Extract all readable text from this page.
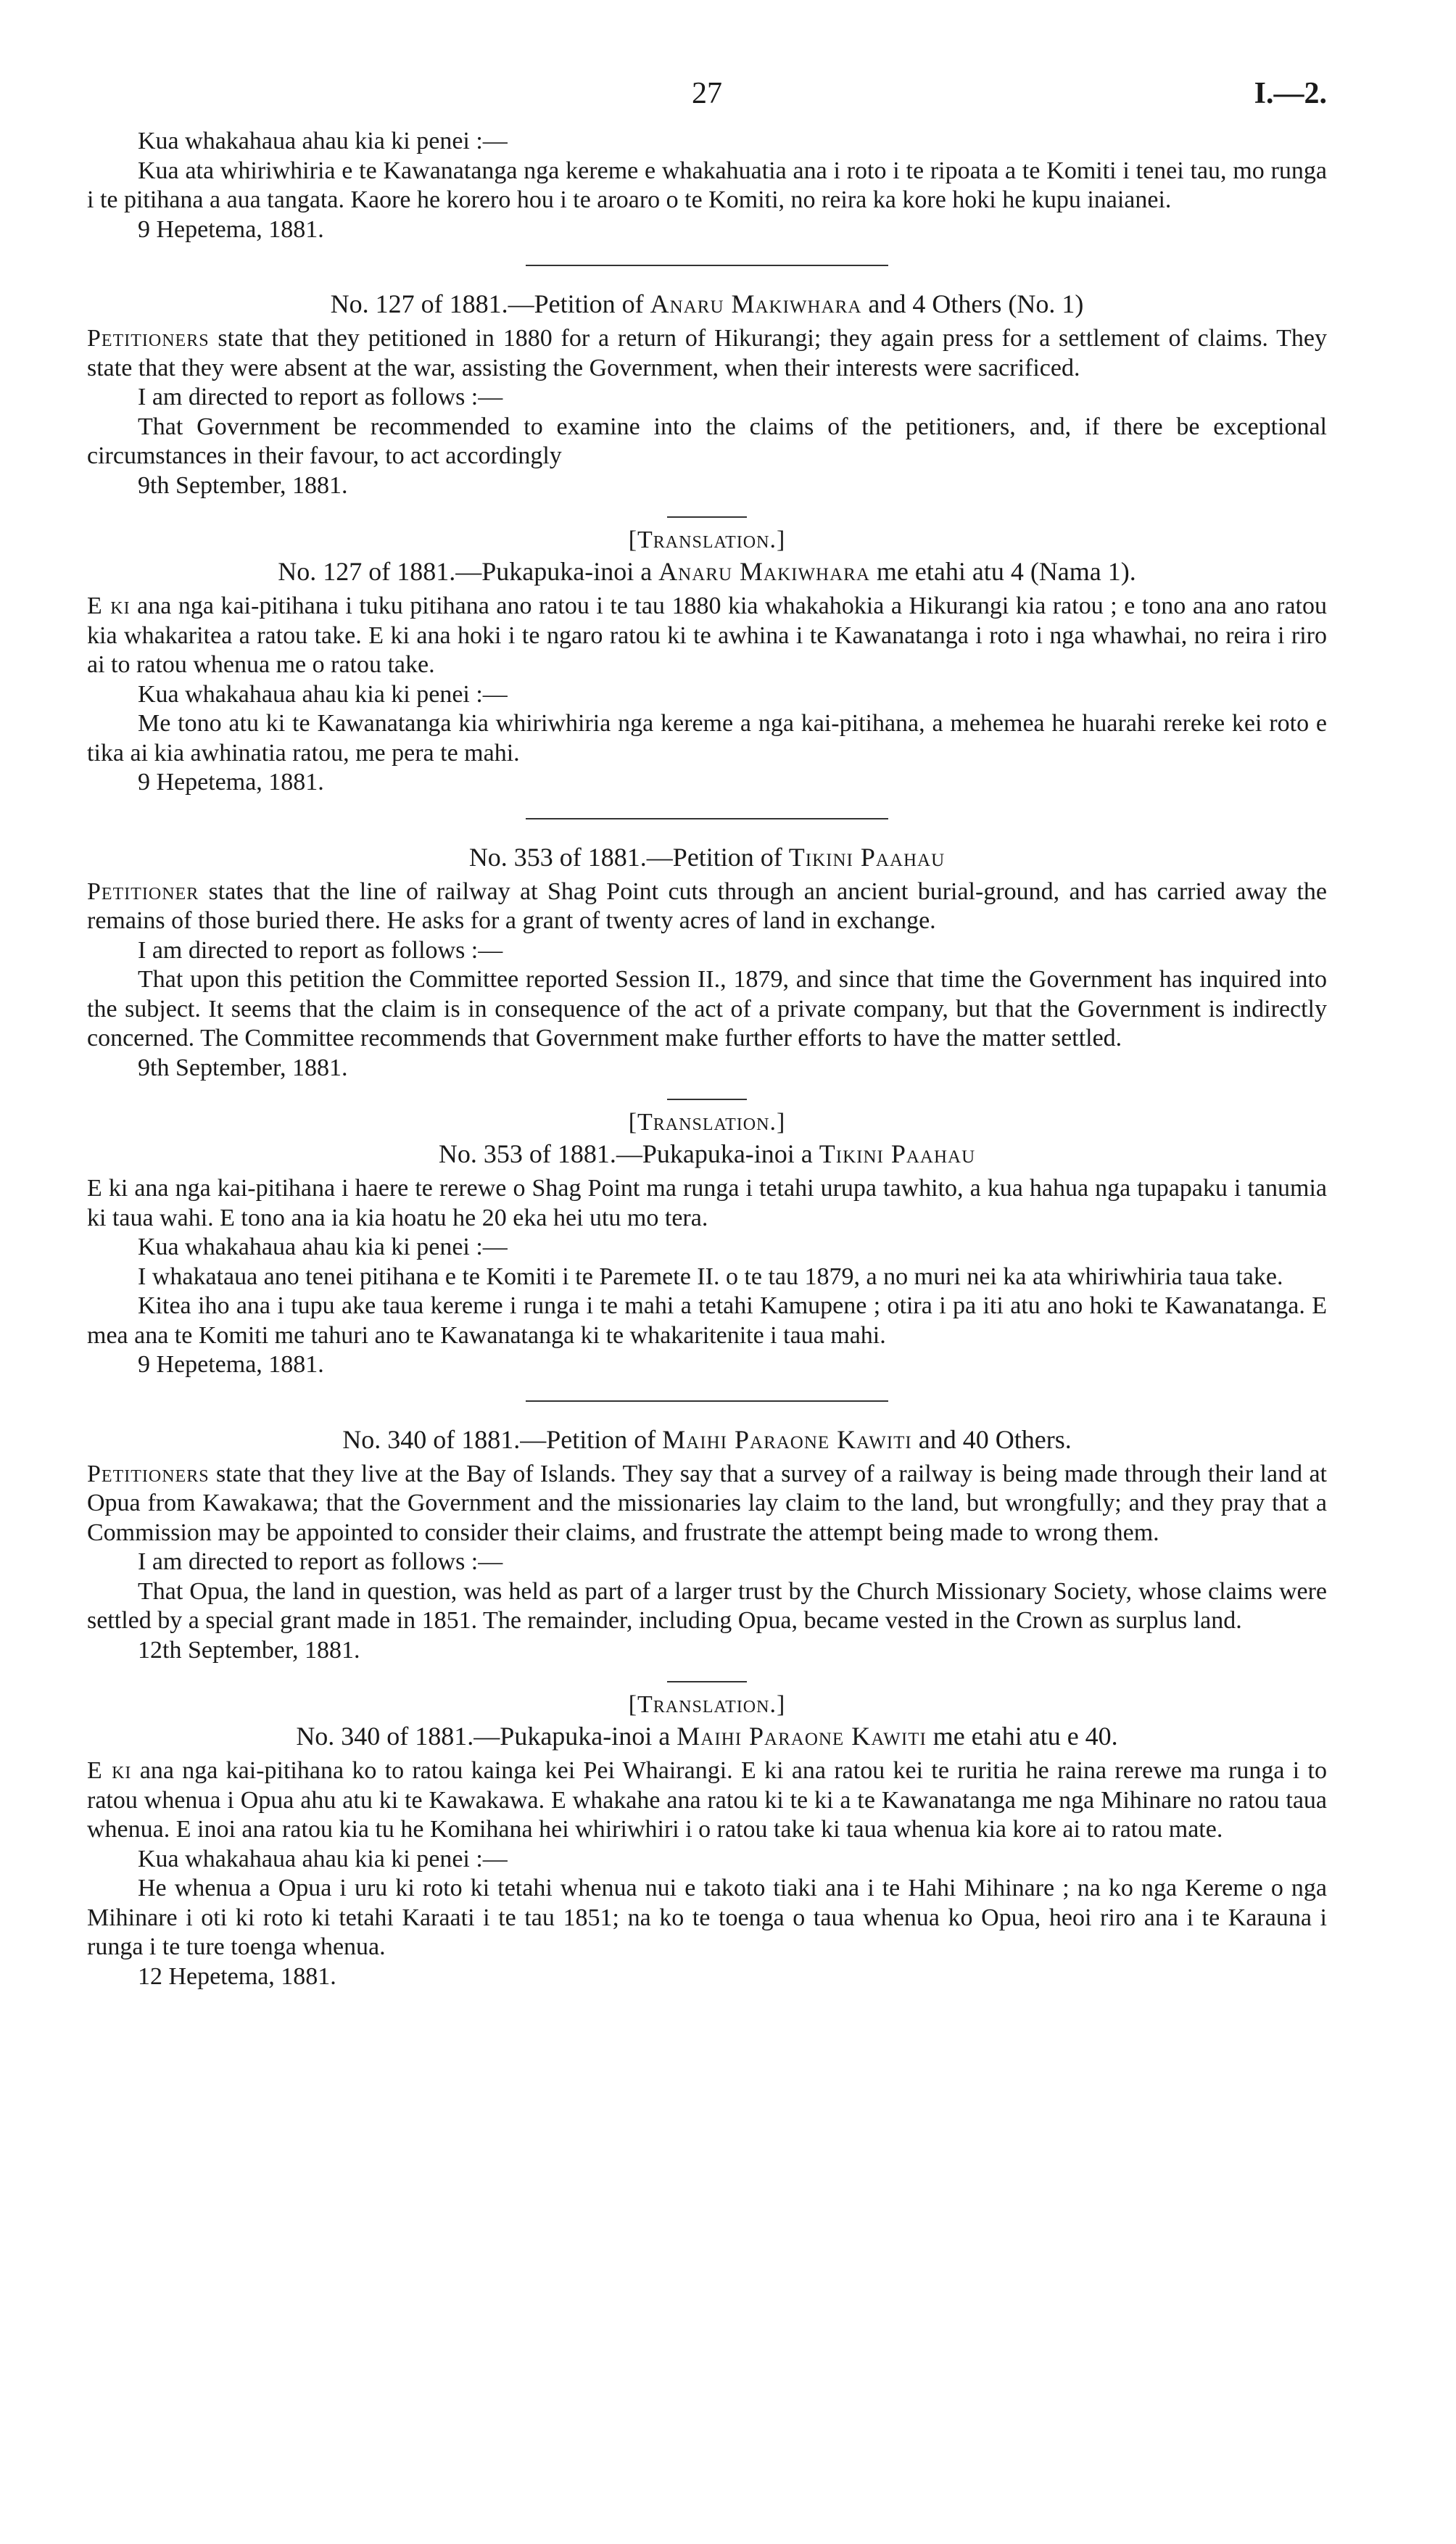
27	I.—2.

Kua whakahaua ahau kia ki penei :—

Kua ata whiriwhiria e te Kawanatanga nga kereme e whakahuatia ana i roto i te ripoata a te Komiti i tenei tau, mo runga i te pitihana a aua tangata. Kaore he korero hou i te aroaro o te Komiti, no reira ka kore hoki he kupu inaianei.

9 Hepetema, 1881.

No. 127 of 1881.—Petition of Anaru Makiwhara and 4 Others (No. 1)

Petitioners state that they petitioned in 1880 for a return of Hikurangi; they again press for a settlement of claims. They state that they were absent at the war, assisting the Government, when their interests were sacrificed.

I am directed to report as follows :—

That Government be recommended to examine into the claims of the petitioners, and, if there be exceptional circumstances in their favour, to act accordingly

9th September, 1881.

[Translation.]

No. 127 of 1881.—Pukapuka-inoi a Anaru Makiwhara me etahi atu 4 (Nama 1).

E ki ana nga kai-pitihana i tuku pitihana ano ratou i te tau 1880 kia whakahokia a Hikurangi kia ratou ; e tono ana ano ratou kia whakaritea a ratou take. E ki ana hoki i te ngaro ratou ki te awhina i te Kawanatanga i roto i nga whawhai, no reira i riro ai to ratou whenua me o ratou take.

Kua whakahaua ahau kia ki penei :—

Me tono atu ki te Kawanatanga kia whiriwhiria nga kereme a nga kai-pitihana, a mehemea he huarahi rereke kei roto e tika ai kia awhinatia ratou, me pera te mahi.

9 Hepetema, 1881.

No. 353 of 1881.—Petition of Tikini Paahau

Petitioner states that the line of railway at Shag Point cuts through an ancient burial-ground, and has carried away the remains of those buried there. He asks for a grant of twenty acres of land in exchange.

I am directed to report as follows :—

That upon this petition the Committee reported Session II., 1879, and since that time the Government has inquired into the subject. It seems that the claim is in consequence of the act of a private company, but that the Government is indirectly concerned. The Committee recommends that Government make further efforts to have the matter settled.

9th September, 1881.

[Translation.]

No. 353 of 1881.—Pukapuka-inoi a Tikini Paahau

E ki ana nga kai-pitihana i haere te rerewe o Shag Point ma runga i tetahi urupa tawhito, a kua hahua nga tupapaku i tanumia ki taua wahi. E tono ana ia kia hoatu he 20 eka hei utu mo tera.

Kua whakahaua ahau kia ki penei :—

I whakataua ano tenei pitihana e te Komiti i te Paremete II. o te tau 1879, a no muri nei ka ata whiriwhiria taua take.

Kitea iho ana i tupu ake taua kereme i runga i te mahi a tetahi Kamupene ; otira i pa iti atu ano hoki te Kawanatanga. E mea ana te Komiti me tahuri ano te Kawanatanga ki te whakaritenite i taua mahi.

9 Hepetema, 1881.

No. 340 of 1881.—Petition of Maihi Paraone Kawiti and 40 Others.

Petitioners state that they live at the Bay of Islands. They say that a survey of a railway is being made through their land at Opua from Kawakawa; that the Government and the missionaries lay claim to the land, but wrongfully; and they pray that a Commission may be appointed to consider their claims, and frustrate the attempt being made to wrong them.

I am directed to report as follows :—

That Opua, the land in question, was held as part of a larger trust by the Church Missionary Society, whose claims were settled by a special grant made in 1851. The remainder, including Opua, became vested in the Crown as surplus land.

12th September, 1881.

[Translation.]

No. 340 of 1881.—Pukapuka-inoi a Maihi Paraone Kawiti me etahi atu e 40.

E ki ana nga kai-pitihana ko to ratou kainga kei Pei Whairangi. E ki ana ratou kei te ruritia he raina rerewe ma runga i to ratou whenua i Opua ahu atu ki te Kawakawa. E whakahe ana ratou ki te ki a te Kawanatanga me nga Mihinare no ratou taua whenua. E inoi ana ratou kia tu he Komihana hei whiriwhiri i o ratou take ki taua whenua kia kore ai to ratou mate.

Kua whakahaua ahau kia ki penei :—

He whenua a Opua i uru ki roto ki tetahi whenua nui e takoto tiaki ana i te Hahi Mihinare ; na ko nga Kereme o nga Mihinare i oti ki roto ki tetahi Karaati i te tau 1851; na ko te toenga o taua whenua ko Opua, heoi riro ana i te Karauna i runga i te ture toenga whenua.

12 Hepetema, 1881.
